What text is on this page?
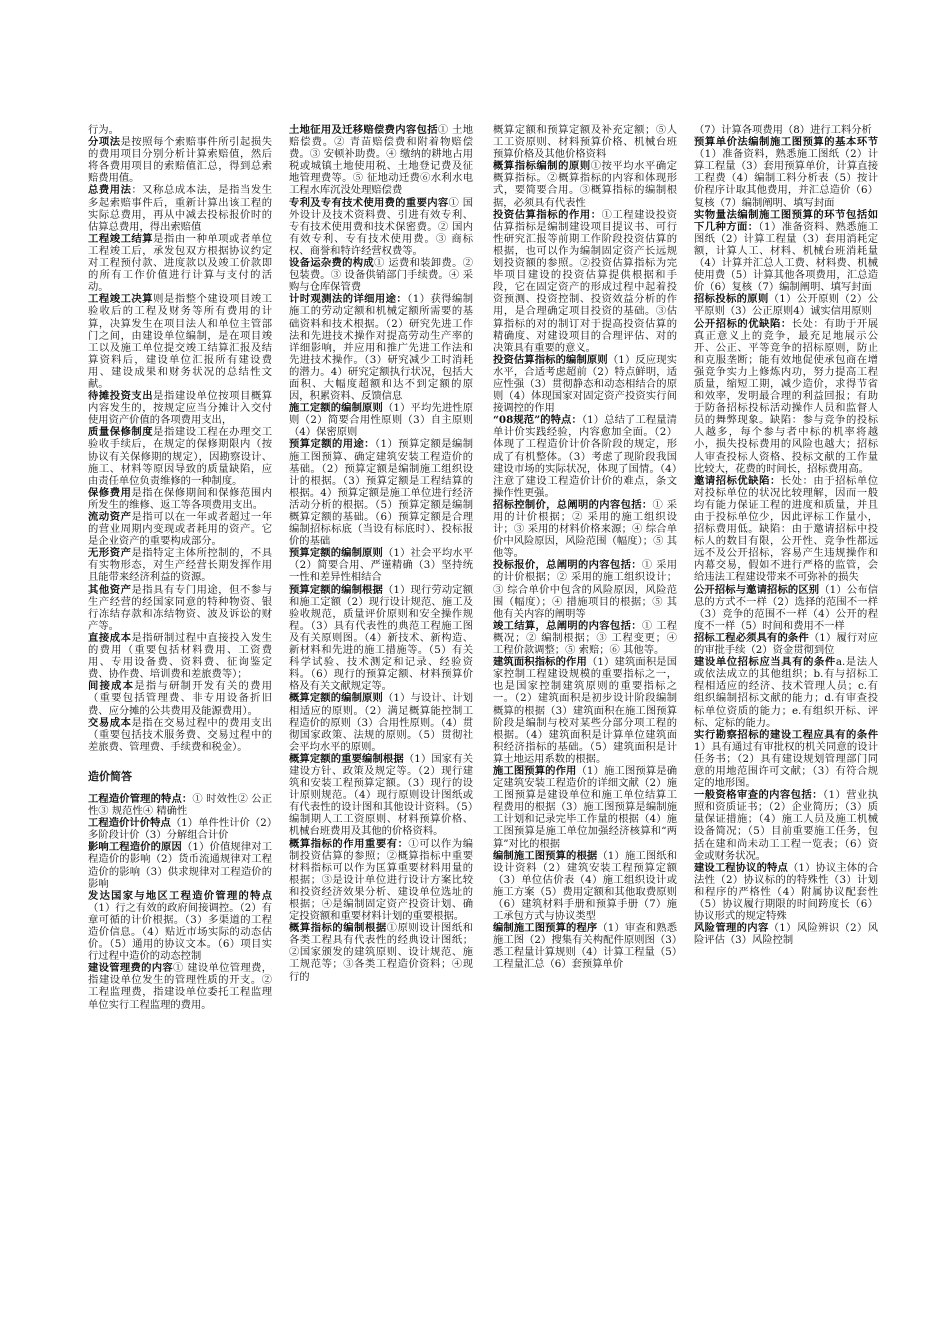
行为。

分项法是按照每个索赔事件所引起损失的费用项目分别分析计算索赔值，然后将各费用项目的索赔值汇总，得到总索赔费用值。

总费用法：又称总成本法，是指当发生多起索赔事件后，重新计算出该工程的实际总费用，再从中减去投标报价时的估算总费用，得出索赔值

工程竣工结算是指由一种单项或者单位工程竣工后，承发包双方根据协议约定对工程预付款、进度款以及竣工价款即的所有工作价值进行计算与支付的活动。

工程竣工决算则是指整个建设项目竣工验收后的工程及财务等所有费用的计算，决算发生在项目法人和单位主管部门之间，由建设单位编制，是在项目竣工以及施工单位提交竣工结算汇报及结算资料后，建设单位汇报所有建设费用、建设成果和财务状况的总结性文献。

待摊投资支出是指建设单位按项目概算内容发生的，按规定应当分摊计入交付使用资产价值的各项费用支出，

质量保修制度是指建设工程在办理交工验收手续后，在规定的保修期限内（按协议有关保修期的规定），因勘察设计、施工、材料等原因导致的质量缺陷，应由责任单位负责维修的一种制度。

保修费用是指在保修期间和保修范围内所发生的维修、返工等各项费用支出。

流动资产是指可以在一年或者超过一年的营业周期内变现或者耗用的资产。它是企业资产的重要构成部分。

无形资产是指特定主体所控制的，不具有实物形态，对生产经营长期发挥作用且能带来经济利益的资源。

其他资产是指具有专门用途，但不参与生产经营的经国家同意的特种物资、银行冻结存款和冻结物资、波及诉讼的财产等。

直接成本是指研制过程中直接投入发生的费用（重要包括材料费用、工资费用、专用设备费、资料费、征询鉴定费、协作费、培训费和差旅费等）；

间接成本是指与研制开发有关的费用（重要包括管理费、非专用设备折旧费、应分摊的公共费用及能源费用）。

交易成本是指在交易过程中的费用支出（重要包括技术服务费、交易过程中的差旅费、管理费、手续费和税金）。

造价简答

工程造价管理的特点：① 时效性② 公正性③ 规范性④ 精确性

工程造价计价特点（1）单件性计价（2）多阶段计价（3）分解组合计价

影响工程造价的原因（1）价值规律对工程造价的影响（2）货币流通规律对工程造价的影响（3）供求规律对工程造价的影响

发达国家与地区工程造价管理的特点（1）行之有效的政府间接调控。（2）有章可循的计价根据。（3）多渠道的工程造价信息。（4）贴近市场实际的动态估价。（5）通用的协议文本。（6）项目实行过程中造价的动态控制

建设管理费的内容① 建设单位管理费，指建设单位发生的管理性质的开支。② 工程监理费，指建设单位委托工程监理单位实行工程监理的费用。

土地征用及迁移赔偿费内容包括① 土地赔偿费。② 青苗赔偿费和附着物赔偿费。③ 安顿补助费。④ 缴纳的耕地占用税或城镇土地使用税、土地登记费及征地管理费等。⑤ 征地动迁费⑥水利水电工程水库沉没处理赔偿费

专利及专有技术使用费的重要内容① 国外设计及技术资料费、引进有效专利、专有技术使用费和技术保密费。② 国内有效专利、专有技术使用费。③ 商标权、商誉和特许经营权费等。

设备运杂费的构成① 运费和装卸费。② 包装费。③ 设备供销部门手续费。④ 采购与仓库保管费

计时观测法的详细用途：（1）获得编制施工的劳动定额和机械定额所需要的基础资料和技术根据。（2）研究先进工作法和先进技术操作对提高劳动生产率的详细影响，并应用和推广先进工作法和先进技术操作。（3）研究减少工时消耗的潜力。4）研究定额执行状况，包括大面积、大幅度超额和达不到定额的原因，积累资料、反馈信息

施工定额的编制原则（1）平均先进性原则（2）简要合用性原则（3）自主原则（4）保密原则

预算定额的用途：（1）预算定额是编制施工图预算、确定建筑安装工程造价的基础。（2）预算定额是编制施工组织设计的根据。（3）预算定额是工程结算的根据。4）预算定额是施工单位进行经济活动分析的根据。（5）预算定额是编制概算定额的基础。（6）预算定额是合理编制招标标底（当设有标底时）、投标报价的基础

预算定额的编制原则（1）社会平均水平（2）简要合用、严谨精确（3）坚持统一性和差异性相结合

预算定额的编制根据（1）现行劳动定额和施工定额（2）现行设计规范、施工及验收规范，质量评价原则和安全操作规程。（3）具有代表性的典范工程施工图及有关原则图。（4）新技术、新构造、新材料和先进的施工措施等。（5）有关科学试验、技术测定和记录、经验资料。（6）现行的预算定额、材料预算价格及有关文献规定等。

概算定额的编制原则（1）与设计、计划相适应的原则。（2）满足概算能控制工程造价的原则（3）合用性原则。（4）贯彻国家政策、法规的原则。（5）贯彻社会平均水平的原则。

概算定额的重要编制根据（1）国家有关建设方针、政策及规定等。（2）现行建筑和安装工程预算定额。（3）现行的设计原则规范。（4）现行原则设计图纸或有代表性的设计图和其他设计资料。（5）编制期人工工资原则、材料预算价格、机械台班费用及其他的价格资料。

概算指标的作用重要有：①可以作为编制投资估算的参照；②概算指标中重要材料指标可以作为匡算重要材料用量的根据；③是设计单位进行设计方案比较和投资经济效果分析、建设单位选址的根据；④是编制固定资产投资计划、确定投资额和重要材料计划的重要根据。

概算指标的编制根据①原则设计图纸和各类工程具有代表性的经典设计图纸；②国家颁发的建筑原则、设计规范、施工规范等；③各类工程造价资料；④现行的

概算定额和预算定额及补充定额；⑤人工工资原则、材料预算价格、机械台班预算价格及其他价格资料

概算指标编制的原则①按平均水平确定概算指标。②概算指标的内容和体现形式，要简要合用。③概算指标的编制根据，必须具有代表性

投资估算指标的作用：①工程建设投资估算指标是编制建设项目提议书、可行性研究汇报等前期工作阶段投资估算的根据，也可以作为编制固定资产长远规划投资额的参照。②投资估算指标为完毕项目建设的投资估算提供根据和手段，它在固定资产的形成过程中起着投资预测、投资控制、投资效益分析的作用，是合理确定项目投资的基础。③估算指标的对的制订对于提高投资估算的精确度、对建设项目的合理评估、对的决策具有重要的意义。

投资估算指标的编制原则（1）反应现实水平，合适考虑超前（2）特点鲜明，适应性强（3）贯彻静态和动态相结合的原则（4）体现国家对固定资产投资实行间接调控的作用

“08规范”的特点：（1）总结了工程量清单计价实践经验，内容愈加全面。（2）体现了工程造价计价各阶段的规定，形成了有机整体。（3）考虑了现阶段我国建设市场的实际状况，体现了国情。（4）注意了建设工程造价计价的难点，条文操作性更强。

招标控制价，总阐明的内容包括：① 采用的计价根据；② 采用的施工组织设计；③ 采用的材料价格来源；④ 综合单价中风险原因，风险范围（幅度）；⑤ 其他等。

投标报价，总阐明的内容包括：① 采用的计价根据；② 采用的施工组织设计；③ 综合单价中包含的风险原因，风险范围（幅度）；④ 措施项目的根据；⑤ 其他有关内容的阐明等

竣工结算，总阐明的内容包括：① 工程概况；② 编制根据；③ 工程变更；④ 工程价款调整；⑤ 索赔；⑥ 其他等。

建筑面积指标的作用（1）建筑面积是国家控制工程建设规模的重要指标之一，也是国家控制建筑原则的重要指标之一。（2）建筑面积是初步设计阶段编制概算的根据（3）建筑面积在施工图预算阶段是编制与校对某些分部分项工程的根据。（4）建筑面积是计算单位建筑面积经济指标的基础。（5）建筑面积是计算土地运用系数的根据。

施工图预算的作用（1）施工图预算是确定建筑安装工程造价的详细文献（2）施工图预算是建设单位和施工单位结算工程费用的根据（3）施工图预算是编制施工计划和记录完毕工作量的根据（4）施工图预算是施工单位加强经济核算和“两算”对比的根据

编制施工图预算的根据（1）施工图纸和设计资料（2）建筑安装工程预算定额（3）单位估价表（4）施工组织设计或施工方案（5）费用定额和其他取费原则（6）建筑材料手册和预算手册（7）施工承包方式与协议类型

编制施工图预算的程序（1）审查和熟悉施工图（2）搜集有关构配件原则图（3）悉工程量计算规则（4）计算工程量（5）工程量汇总（6）套预算单价

（7）计算各项费用（8）进行工料分析

预算单价法编制施工图预算的基本环节（1）准备资料，熟悉施工图纸（2）计算工程量（3）套用预算单价，计算直接工程费（4）编制工料分析表（5）按计价程序计取其他费用，并汇总造价（6）复核（7）编制阐明、填写封面

实物量法编制施工图预算的环节包括如下几种方面：（1）准备资料、熟悉施工图纸（2）计算工程量（3）套用消耗定额，计算人工、材料、机械台班消耗量（4）计算并汇总人工费、材料费、机械使用费（5）计算其他各项费用，汇总造价（6）复核（7）编制阐明、填写封面

招标投标的原则（1）公开原则（2）公平原则（3）公正原则4）诚实信用原则

公开招标的优缺陷：长处：有助于开展真正意义上的竞争，最充足地展示公开、公正、平等竞争的招标原则，防止和克服垄断；能有效地促使承包商在增强竞争实力上修炼内功，努力提高工程质量，缩短工期，减少造价，求得节省和效率，发明最合理的利益回报；有助于防备招标投标活动操作人员和监督人员的舞弊现象。缺陷：参与竞争的投标人越多，每个参与者中标的机率将越小，损失投标费用的风险也越大；招标人审查投标人资格、投标文献的工作量比较大，花费的时间长，招标费用高。

邀请招标优缺陷：长处：由于招标单位对投标单位的状况比较理解，因而一般均有能力保证工程的进度和质量，并且由于投标单位少，因此评标工作量小，招标费用低。缺陷：由于邀请招标中投标人的数目有限，公开性、竞争性都远远不及公开招标，容易产生违规操作和内幕交易，假如不进行严格的监管，会给违法工程建设带来不可弥补的损失

公开招标与邀请招标的区别（1）公布信息的方式不一样（2）选择的范围不一样（3）竞争的范围不一样（4）公开的程度不一样（5）时间和费用不一样

招标工程必须具有的条件（1）履行对应的审批手续（2）资金贯彻到位

建设单位招标应当具有的条件a.是法人或依法成立的其他组织；b.有与招标工程相适应的经济、技术管理人员；c.有组织编制招标文献的能力；d.有审查投标单位资质的能力；e.有组织开标、评标、定标的能力。

实行勘察招标的建设工程应具有的条件1）具有通过有审批权的机关同意的设计任务书；（2）具有建设规划管理部门同意的用地范围许可文献；（3）有符合规定的地形图。

一般资格审查的内容包括：（1）营业执照和资质证书；（2）企业简历；（3）质量保证措施；（4）施工人员及施工机械设备简况；（5）目前重要施工任务，包括在建和尚未动工工程一览表；（6）资金或财务状况。

建设工程协议的特点（1）协议主体的合法性（2）协议标的的特殊性（3）计划和程序的严格性（4）附属协议配套性（5）协议履行期限的时间跨度长（6）协议形式的规定特殊

风险管理的内容（1）风险辨识（2）风险评估（3）风险控制
